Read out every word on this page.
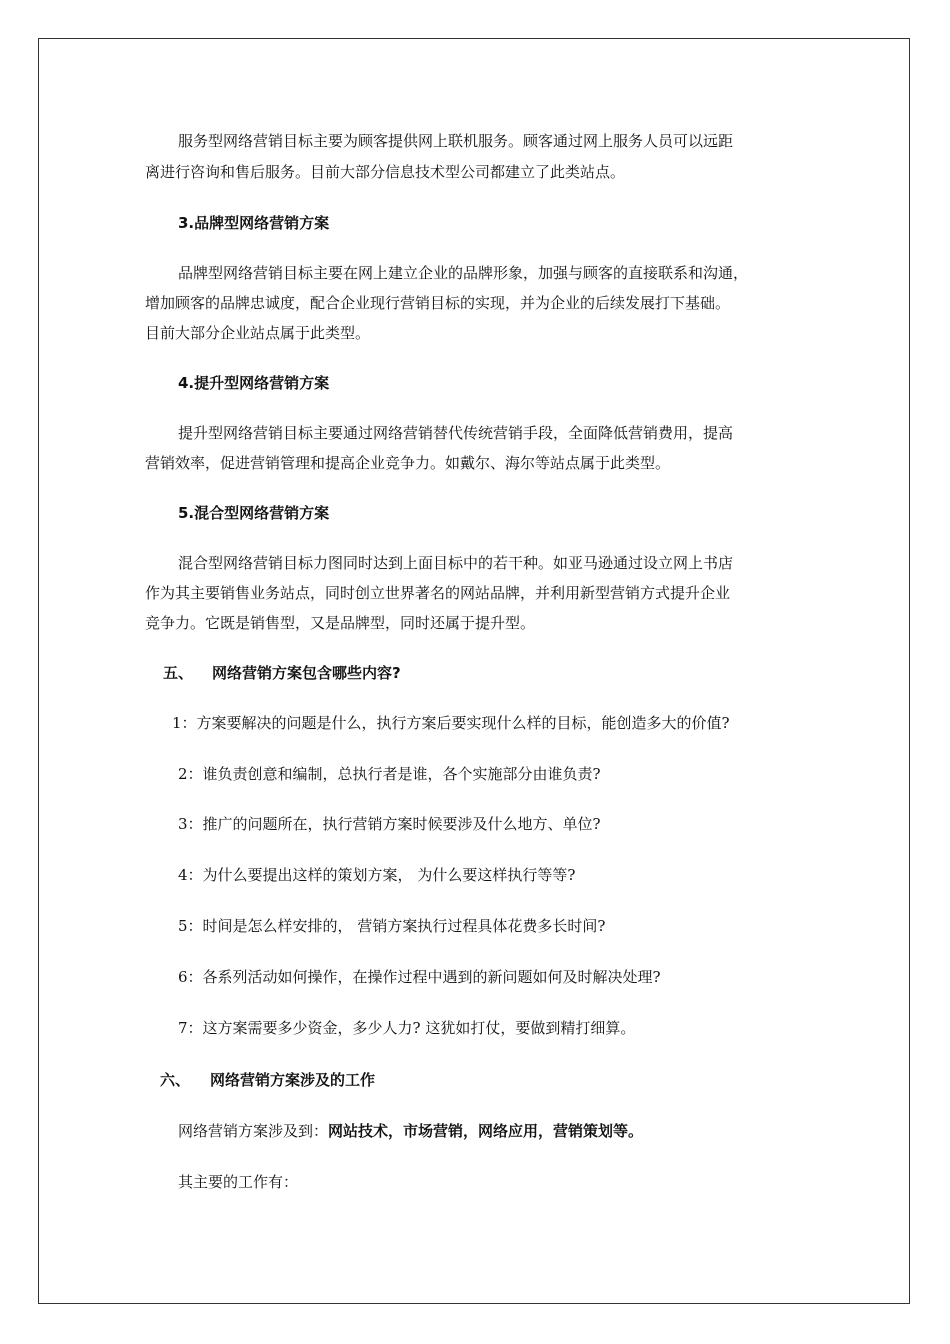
服务型网络营销目标主要为顾客提供网上联机服务。顾客通过网上服务人员可以远距
离进行咨询和售后服务。目前大部分信息技术型公司都建立了此类站点。
3.品牌型网络营销方案
品牌型网络营销目标主要在网上建立企业的品牌形象，加强与顾客的直接联系和沟通，
增加顾客的品牌忠诚度，配合企业现行营销目标的实现，并为企业的后续发展打下基础。
目前大部分企业站点属于此类型。
4.提升型网络营销方案
提升型网络营销目标主要通过网络营销替代传统营销手段，全面降低营销费用，提高
营销效率，促进营销管理和提高企业竞争力。如戴尔、海尔等站点属于此类型。
5.混合型网络营销方案
混合型网络营销目标力图同时达到上面目标中的若干种。如亚马逊通过设立网上书店
作为其主要销售业务站点，同时创立世界著名的网站品牌，并利用新型营销方式提升企业
竞争力。它既是销售型，又是品牌型，同时还属于提升型。
五、 网络营销方案包含哪些内容?
1：方案要解决的问题是什么，执行方案后要实现什么样的目标，能创造多大的价值?
2：谁负责创意和编制，总执行者是谁，各个实施部分由谁负责?
3：推广的问题所在，执行营销方案时候要涉及什么地方、单位?
4：为什么要提出这样的策划方案， 为什么要这样执行等等?
5：时间是怎么样安排的， 营销方案执行过程具体花费多长时间?
6：各系列活动如何操作，在操作过程中遇到的新问题如何及时解决处理?
7：这方案需要多少资金，多少人力? 这犹如打仗，要做到精打细算。
六、 网络营销方案涉及的工作
网络营销方案涉及到：网站技术，市场营销，网络应用，营销策划等。
其主要的工作有：
